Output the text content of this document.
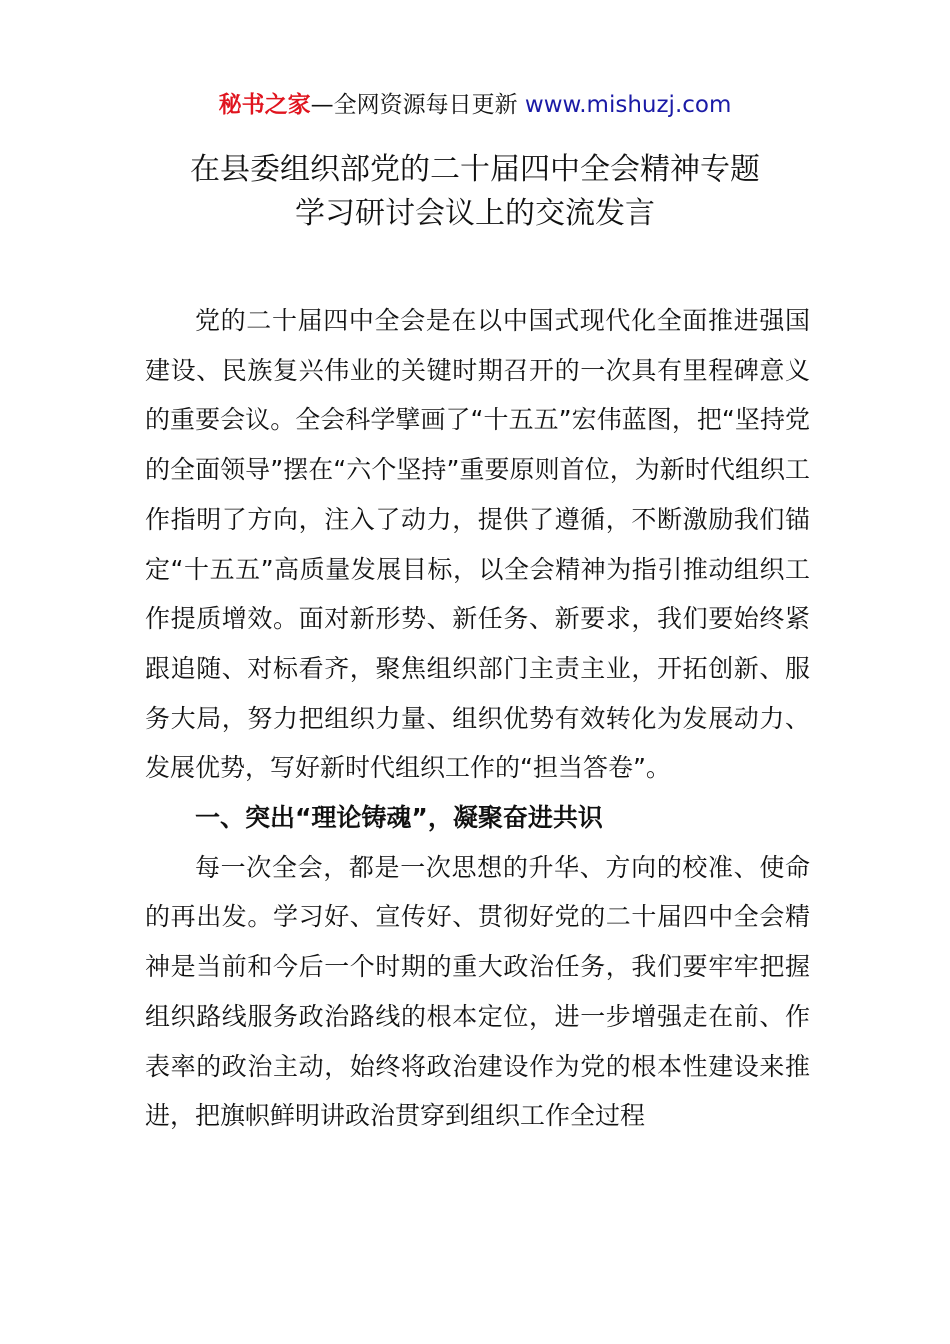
秘书之家—全网资源每日更新 www.mishuzj.com
在县委组织部党的二十届四中全会精神专题
学习研讨会议上的交流发言

党的二十届四中全会是在以中国式现代化全面推进强国建设、民族复兴伟业的关键时期召开的一次具有里程碑意义的重要会议。全会科学擘画了“十五五”宏伟蓝图，把“坚持党的全面领导”摆在“六个坚持”重要原则首位，为新时代组织工作指明了方向，注入了动力，提供了遵循，不断激励我们锚定“十五五”高质量发展目标，以全会精神为指引推动组织工作提质增效。面对新形势、新任务、新要求，我们要始终紧跟追随、对标看齐，聚焦组织部门主责主业，开拓创新、服务大局，努力把组织力量、组织优势有效转化为发展动力、发展优势，写好新时代组织工作的“担当答卷”。

一、突出“理论铸魂”，凝聚奋进共识

每一次全会，都是一次思想的升华、方向的校准、使命的再出发。学习好、宣传好、贯彻好党的二十届四中全会精神是当前和今后一个时期的重大政治任务，我们要牢牢把握组织路线服务政治路线的根本定位，进一步增强走在前、作表率的政治主动，始终将政治建设作为党的根本性建设来推进，把旗帜鲜明讲政治贯穿到组织工作全过程
